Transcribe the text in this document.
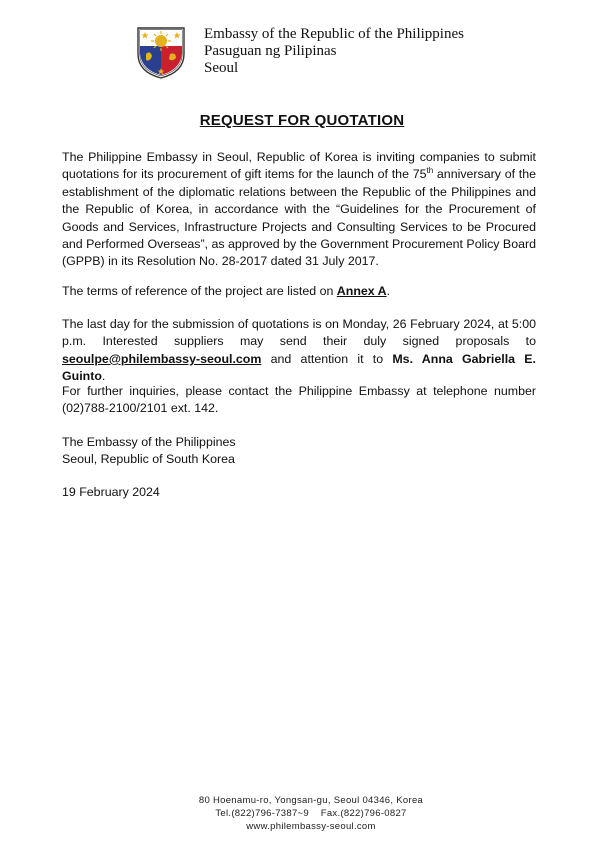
Embassy of the Republic of the Philippines
Pasuguan ng Pilipinas
Seoul
REQUEST FOR QUOTATION
The Philippine Embassy in Seoul, Republic of Korea is inviting companies to submit quotations for its procurement of gift items for the launch of the 75th anniversary of the establishment of the diplomatic relations between the Republic of the Philippines and the Republic of Korea, in accordance with the “Guidelines for the Procurement of Goods and Services, Infrastructure Projects and Consulting Services to be Procured and Performed Overseas”, as approved by the Government Procurement Policy Board (GPPB) in its Resolution No. 28-2017 dated 31 July 2017.
The terms of reference of the project are listed on Annex A.
The last day for the submission of quotations is on Monday, 26 February 2024, at 5:00 p.m. Interested suppliers may send their duly signed proposals to seoulpe@philembassy-seoul.com and attention it to Ms. Anna Gabriella E. Guinto.
For further inquiries, please contact the Philippine Embassy at telephone number (02)788-2100/2101 ext. 142.
The Embassy of the Philippines
Seoul, Republic of South Korea
19 February 2024
80 Hoenamu-ro, Yongsan-gu, Seoul 04346, Korea
Tel.(822)796-7387~9    Fax.(822)796-0827
www.philembassy-seoul.com
